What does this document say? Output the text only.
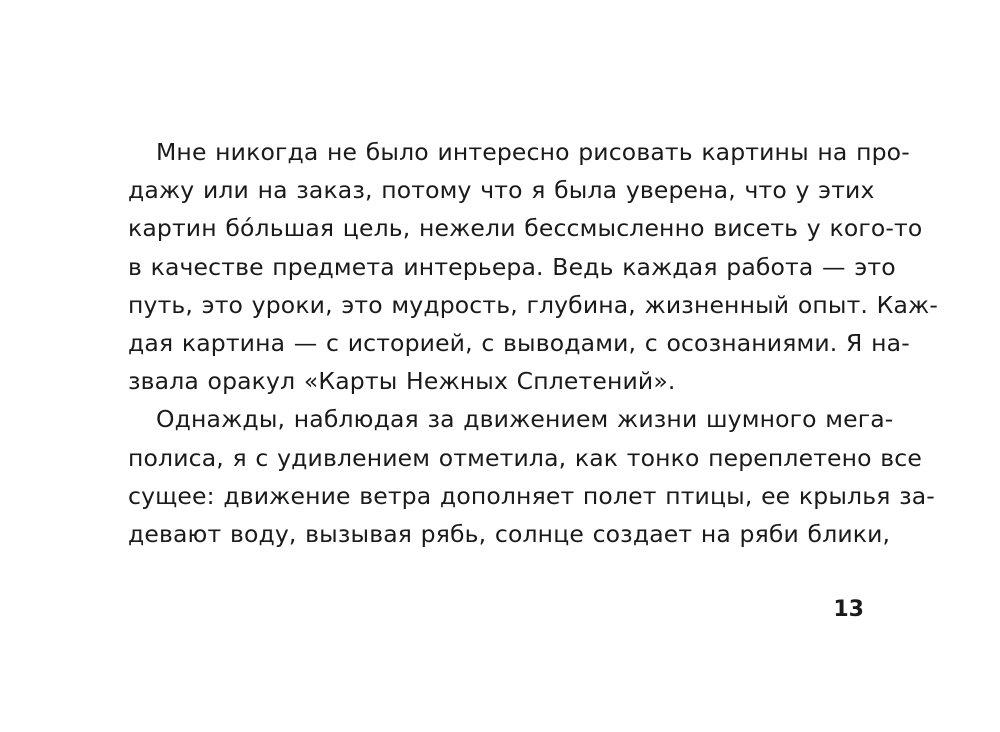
Мне никогда не было интересно рисовать картины на про-
дажу или на заказ, потому что я была уверена, что у этих
картин бóльшая цель, нежели бессмысленно висеть у кого-то
в качестве предмета интерьера. Ведь каждая работа — это
путь, это уроки, это мудрость, глубина, жизненный опыт. Каж-
дая картина — с историей, с выводами, с осознаниями. Я на-
звала оракул «Карты Нежных Сплетений».
Однажды, наблюдая за движением жизни шумного мега-
полиса, я с удивлением отметила, как тонко переплетено все
сущее: движение ветра дополняет полет птицы, ее крылья за-
девают воду, вызывая рябь, солнце создает на ряби блики,
13
